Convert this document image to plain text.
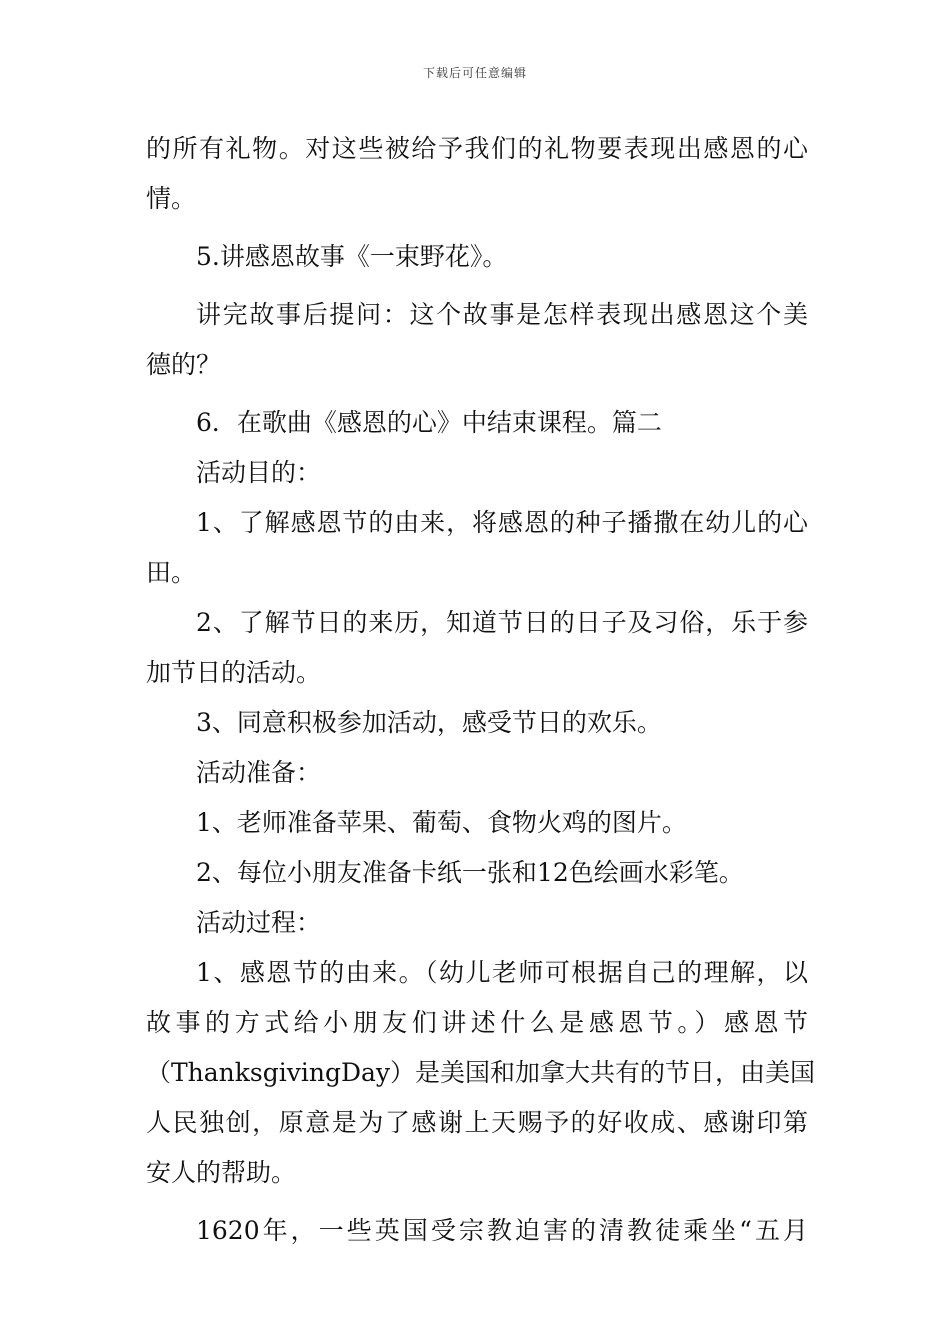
下载后可任意编辑
的所有礼物。对这些被给予我们的礼物要表现出感恩的心
情。
5.讲感恩故事《一束野花》。
讲完故事后提问：这个故事是怎样表现出感恩这个美
德的？
6．在歌曲《感恩的心》中结束课程。篇二
活动目的：
1、了解感恩节的由来，将感恩的种子播撒在幼儿的心
田。
2、了解节日的来历，知道节日的日子及习俗，乐于参
加节日的活动。
3、同意积极参加活动，感受节日的欢乐。
活动准备：
1、老师准备苹果、葡萄、食物火鸡的图片。
2、每位小朋友准备卡纸一张和12色绘画水彩笔。
活动过程：
1、感恩节的由来。（幼儿老师可根据自己的理解，以
故事的方式给小朋友们讲述什么是感恩节。）感恩节
（ThanksgivingDay）是美国和加拿大共有的节日，由美国
人民独创，原意是为了感谢上天赐予的好收成、感谢印第
安人的帮助。
1620年，一些英国受宗教迫害的清教徒乘坐“五月
